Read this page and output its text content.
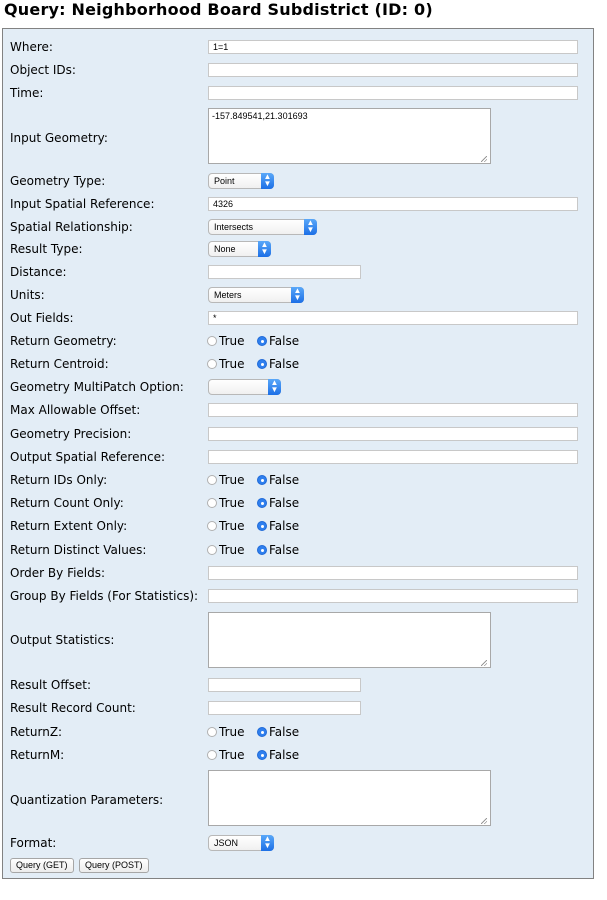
Query: Neighborhood Board Subdistrict (ID: 0)
Where:
1=1
Object IDs:
Time:
Input Geometry:
-157.849541,21.301693
Geometry Type:	Point	▲
▼
Input Spatial Reference:
4326
Spatial Relationship:	Intersects	▲
▼
Result Type:	None	▲
▼
Distance:
Units:	Meters	▲
▼
Out Fields:
*
Return Geometry:	True False
Return Centroid:	True False
Geometry MultiPatch Option:	▲
▼
Max Allowable Offset:
Geometry Precision:
Output Spatial Reference:
Return IDs Only:	True False
Return Count Only:	True False
Return Extent Only:	True False
Return Distinct Values:	True False
Order By Fields:
Group By Fields (For Statistics):
Output Statistics:
Result Offset:
Result Record Count:
ReturnZ:	True False
ReturnM:	True False
Quantization Parameters:
Format:	JSON	▲
▼
Query (GET)	Query (POST)
